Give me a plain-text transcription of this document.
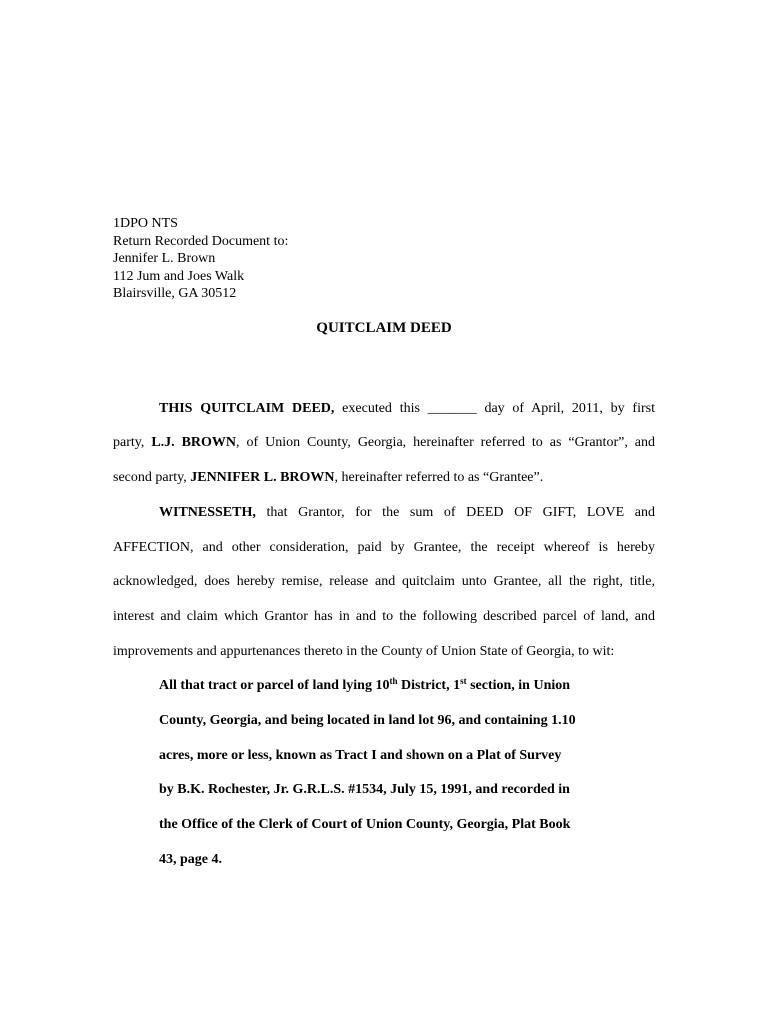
1DPO NTS
Return Recorded Document to:
Jennifer L. Brown
112 Jum and Joes Walk
Blairsville, GA 30512
QUITCLAIM DEED
THIS QUITCLAIM DEED, executed this _______ day of April, 2011, by first
party, L.J. BROWN, of Union County, Georgia, hereinafter referred to as “Grantor”, and
second party, JENNIFER L. BROWN, hereinafter referred to as “Grantee”.
WITNESSETH, that Grantor, for the sum of DEED OF GIFT, LOVE and
AFFECTION, and other consideration, paid by Grantee, the receipt whereof is hereby
acknowledged, does hereby remise, release and quitclaim unto Grantee, all the right, title,
interest and claim which Grantor has in and to the following described parcel of land, and
improvements and appurtenances thereto in the County of Union State of Georgia, to wit:
All that tract or parcel of land lying 10th District, 1st section, in Union
County, Georgia, and being located in land lot 96, and containing 1.10
acres, more or less, known as Tract I and shown on a Plat of Survey
by B.K. Rochester, Jr. G.R.L.S. #1534, July 15, 1991, and recorded in
the Office of the Clerk of Court of Union County, Georgia, Plat Book
43, page 4.
